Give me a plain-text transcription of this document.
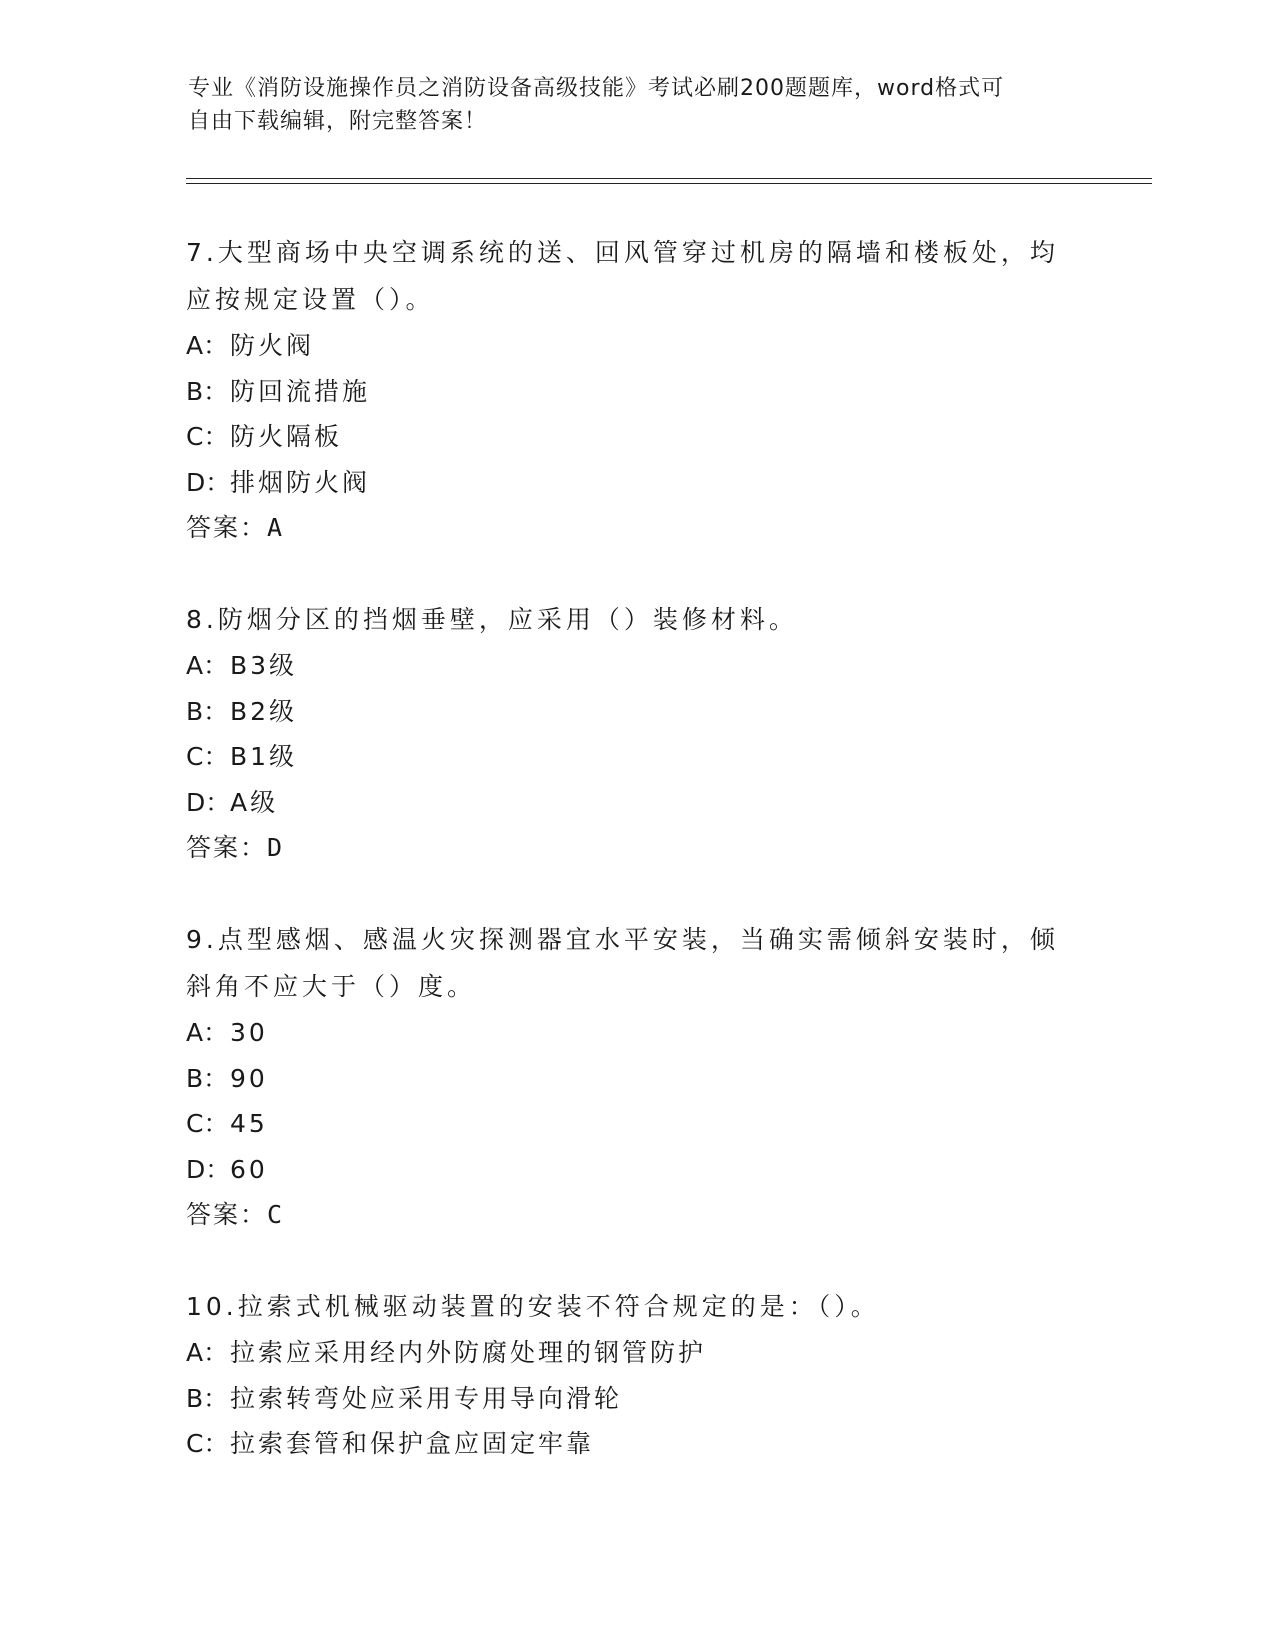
专业《消防设施操作员之消防设备高级技能》考试必刷200题题库，word格式可
自由下载编辑，附完整答案！
7.大型商场中央空调系统的送、回风管穿过机房的隔墙和楼板处，均
应按规定设置（）。
A：防火阀
B：防回流措施
C：防火隔板
D：排烟防火阀
答案：A
8.防烟分区的挡烟垂壁，应采用（）装修材料。
A：B3级
B：B2级
C：B1级
D：A级
答案：D
9.点型感烟、感温火灾探测器宜水平安装，当确实需倾斜安装时，倾
斜角不应大于（）度。
A：30
B：90
C：45
D：60
答案：C
10.拉索式机械驱动装置的安装不符合规定的是：（）。
A：拉索应采用经内外防腐处理的钢管防护
B：拉索转弯处应采用专用导向滑轮
C：拉索套管和保护盒应固定牢靠
